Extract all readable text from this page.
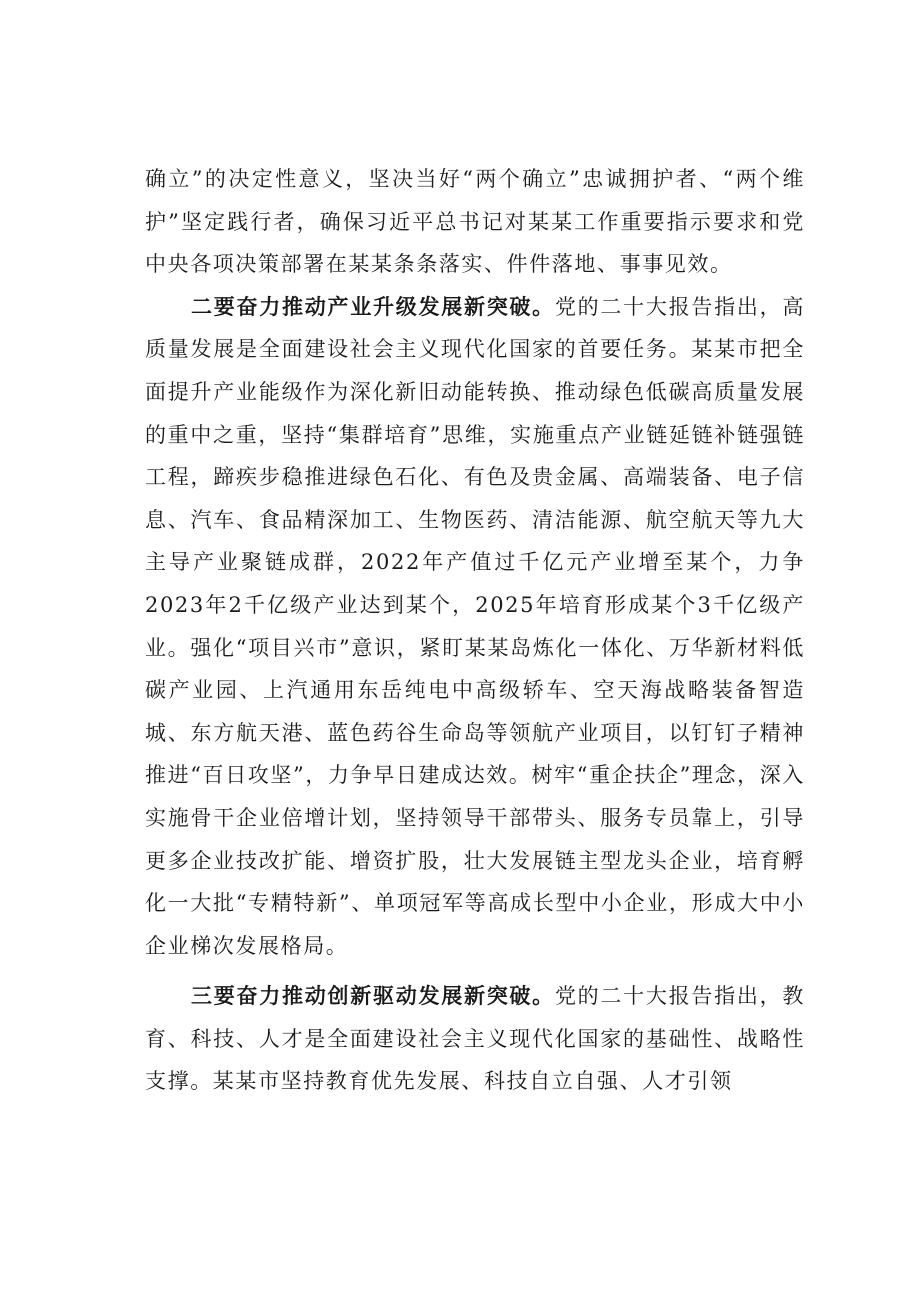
确立”的决定性意义，坚决当好“两个确立”忠诚拥护者、“两个维护”坚定践行者，确保习近平总书记对某某工作重要指示要求和党中央各项决策部署在某某条条落实、件件落地、事事见效。

二要奋力推动产业升级发展新突破。党的二十大报告指出，高质量发展是全面建设社会主义现代化国家的首要任务。某某市把全面提升产业能级作为深化新旧动能转换、推动绿色低碳高质量发展的重中之重，坚持“集群培育”思维，实施重点产业链延链补链强链工程，蹄疾步稳推进绿色石化、有色及贵金属、高端装备、电子信息、汽车、食品精深加工、生物医药、清洁能源、航空航天等九大主导产业聚链成群，2022年产值过千亿元产业增至某个，力争2023年2千亿级产业达到某个，2025年培育形成某个3千亿级产业。强化“项目兴市”意识，紧盯某某岛炼化一体化、万华新材料低碳产业园、上汽通用东岳纯电中高级轿车、空天海战略装备智造城、东方航天港、蓝色药谷生命岛等领航产业项目，以钉钉子精神推进“百日攻坚”，力争早日建成达效。树牢“重企扶企”理念，深入实施骨干企业倍增计划，坚持领导干部带头、服务专员靠上，引导更多企业技改扩能、增资扩股，壮大发展链主型龙头企业，培育孵化一大批“专精特新”、单项冠军等高成长型中小企业，形成大中小企业梯次发展格局。

三要奋力推动创新驱动发展新突破。党的二十大报告指出，教育、科技、人才是全面建设社会主义现代化国家的基础性、战略性支撑。某某市坚持教育优先发展、科技自立自强、人才引领
